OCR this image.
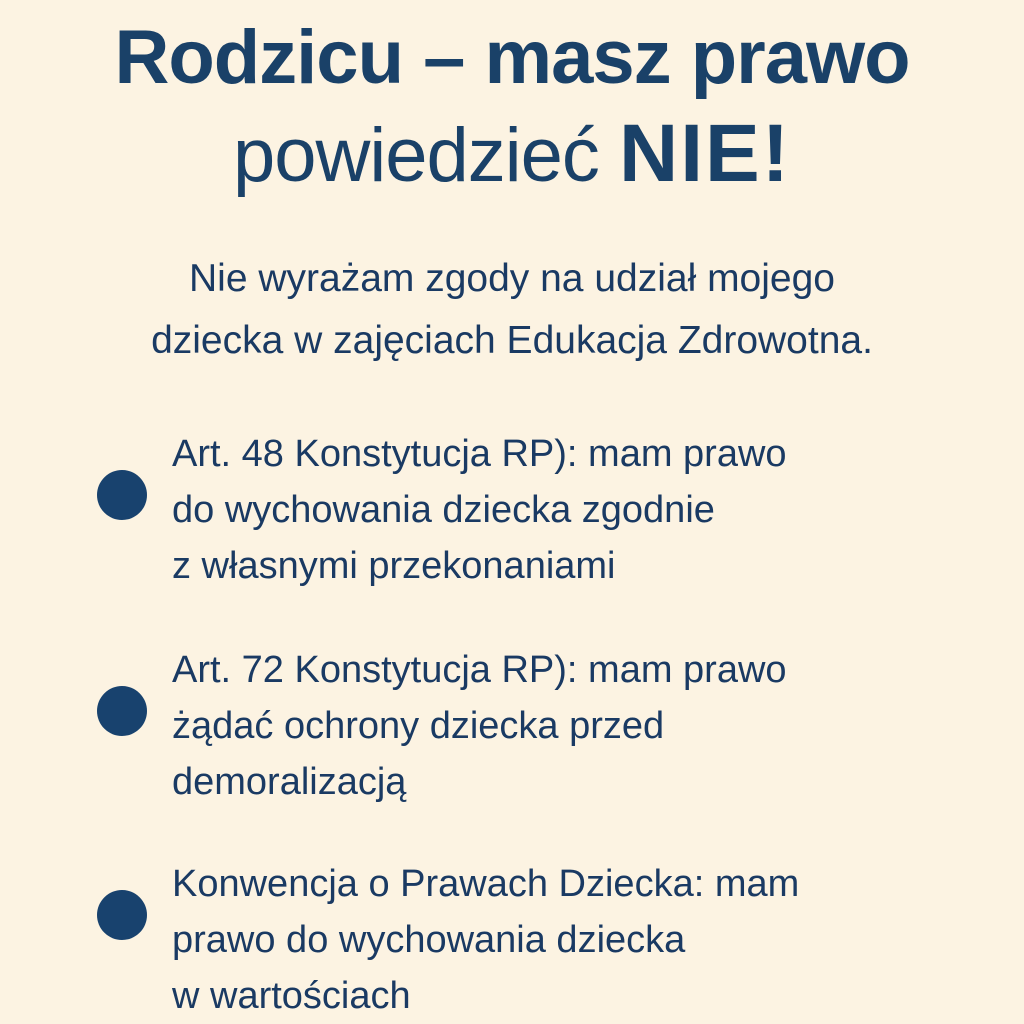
Rodzicu – masz prawo
powiedzieć NIE!

Nie wyrażam zgody na udział mojego
dziecka w zajęciach Edukacja Zdrowotna.

Art. 48 Konstytucja RP): mam prawo
do wychowania dziecka zgodnie
z własnymi przekonaniami
Art. 72 Konstytucja RP): mam prawo
żądać ochrony dziecka przed
demoralizacją
Konwencja o Prawach Dziecka: mam
prawo do wychowania dziecka
w wartościach
